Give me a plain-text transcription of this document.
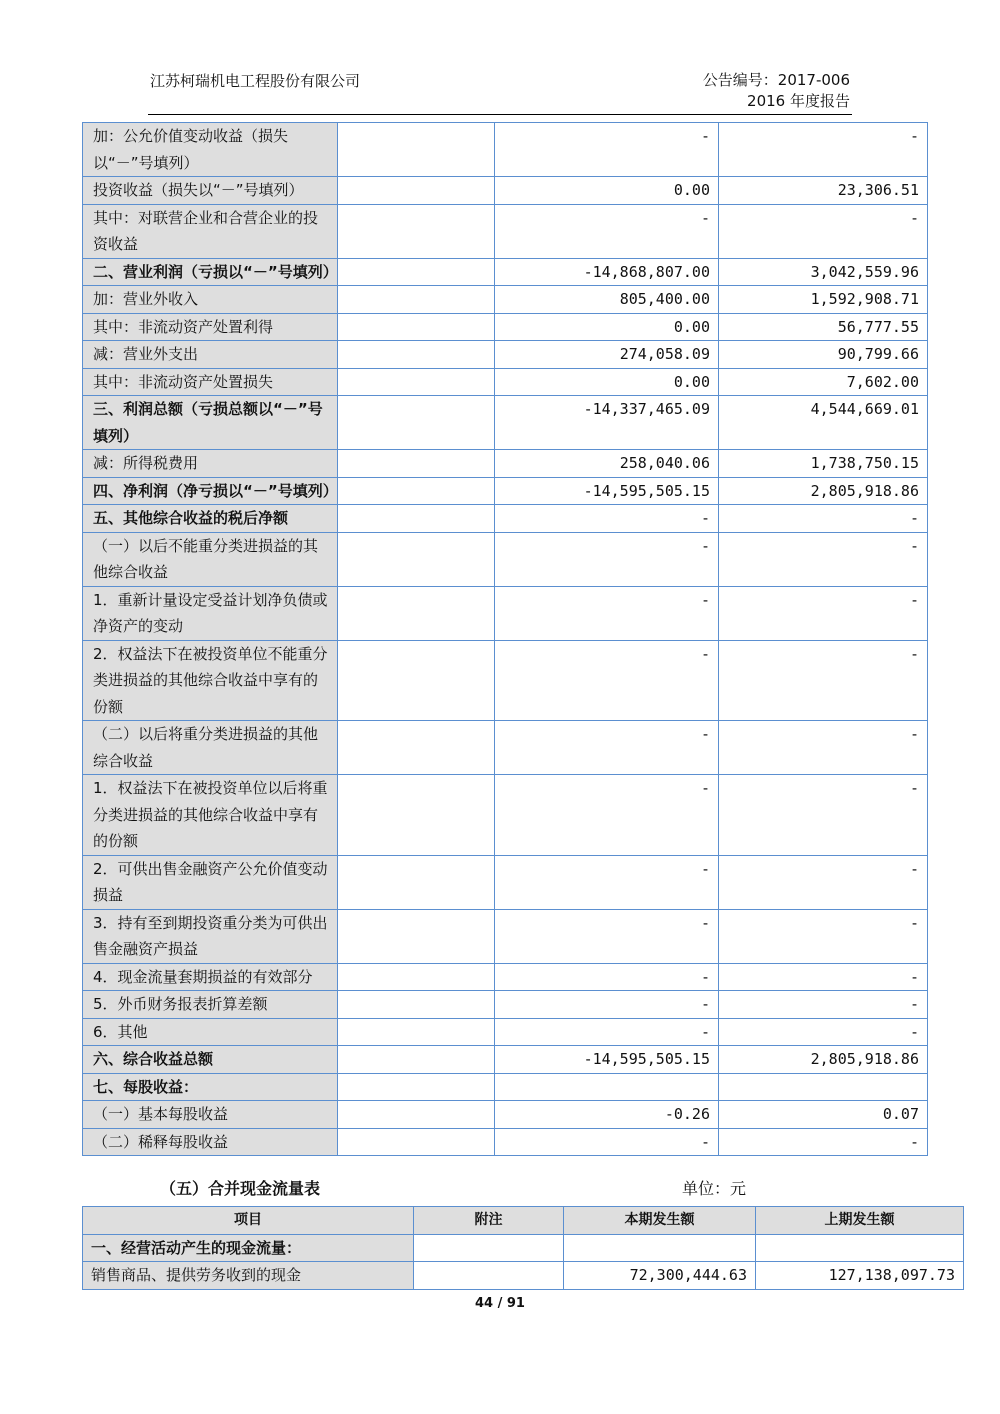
江苏柯瑞机电工程股份有限公司	公告编号：2017-006
2016 年度报告
加：公允价值变动收益（损失以“－”号填列）		-	-
投资收益（损失以“－”号填列）		0.00	23,306.51
其中：对联营企业和合营企业的投资收益		-	-
二、营业利润（亏损以“－”号填列）		-14,868,807.00	3,042,559.96
加：营业外收入		805,400.00	1,592,908.71
其中：非流动资产处置利得		0.00	56,777.55
减：营业外支出		274,058.09	90,799.66
其中：非流动资产处置损失		0.00	7,602.00
三、利润总额（亏损总额以“－”号填列）		-14,337,465.09	4,544,669.01
减：所得税费用		258,040.06	1,738,750.15
四、净利润（净亏损以“－”号填列）		-14,595,505.15	2,805,918.86
五、其他综合收益的税后净额		-	-
（一）以后不能重分类进损益的其他综合收益		-	-
1．重新计量设定受益计划净负债或净资产的变动		-	-
2．权益法下在被投资单位不能重分类进损益的其他综合收益中享有的份额		-	-
（二）以后将重分类进损益的其他综合收益		-	-
1．权益法下在被投资单位以后将重分类进损益的其他综合收益中享有的份额		-	-
2．可供出售金融资产公允价值变动损益		-	-
3．持有至到期投资重分类为可供出售金融资产损益		-	-
4．现金流量套期损益的有效部分		-	-
5．外币财务报表折算差额		-	-
6．其他		-	-
六、综合收益总额		-14,595,505.15	2,805,918.86
七、每股收益：			
（一）基本每股收益		-0.26	0.07
（二）稀释每股收益		-	-
（五）合并现金流量表	单位：元
项目	附注	本期发生额	上期发生额
一、经营活动产生的现金流量：			
销售商品、提供劳务收到的现金		72,300,444.63	127,138,097.73
44 / 91
